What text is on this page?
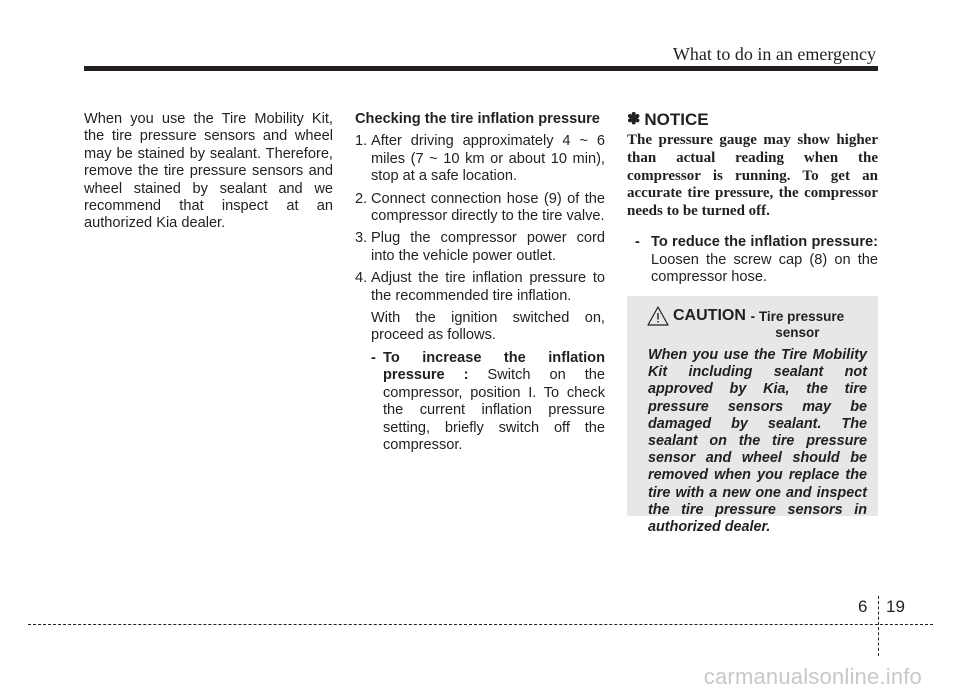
What to do in an emergency

When you use the Tire Mobility Kit, the tire pressure sensors and wheel may be stained by sealant. Therefore, remove the tire pressure sensors and wheel stained by sealant and we recommend that inspect at an authorized Kia dealer.

Checking the tire inflation pressure

1. After driving approximately 4 ~ 6 miles (7 ~ 10 km or about 10 min), stop at a safe location.
2. Connect connection hose (9) of the compressor directly to the tire valve.
3. Plug the compressor power cord into the vehicle power outlet.
4. Adjust the tire inflation pressure to the recommended tire inflation.

With the ignition switched on, proceed as follows.

- To increase the inflation pressure : Switch on the compressor, position I. To check the current inflation pressure setting, briefly switch off the compressor.
✽ NOTICE

The pressure gauge may show higher than actual reading when the compressor is running. To get an accurate tire pressure, the compressor needs to be turned off.

- To reduce the inflation pressure: Loosen the screw cap (8) on the compressor hose.
CAUTION - Tire pressure sensor
When you use the Tire Mobility Kit including sealant not approved by Kia, the tire pressure sensors may be damaged by sealant. The sealant on the tire pressure sensor and wheel should be removed when you replace the tire with a new one and inspect the tire pressure sensors in authorized dealer.
6 19
carmanualsonline.info
